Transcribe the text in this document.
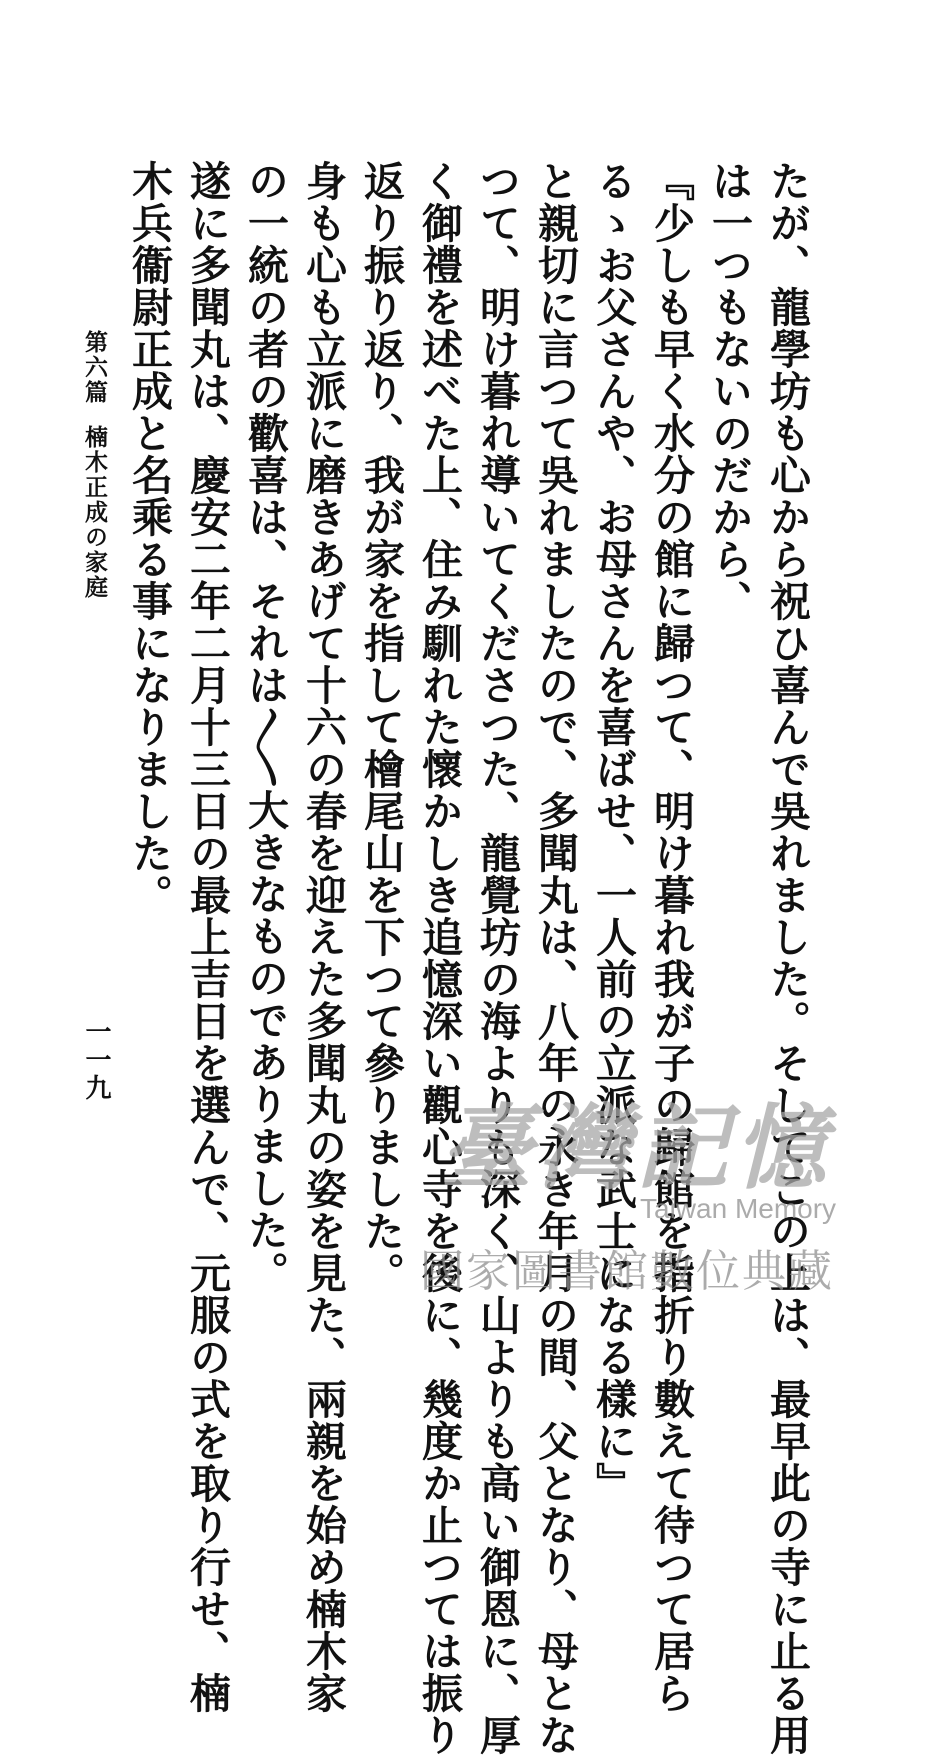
たが、龍學坊も心から祝ひ喜んで吳れました。そしてこの上は、最早此の寺に止る用

は一つもないのだから、

『少しも早く水分の館に歸つて、明け暮れ我が子の歸館を指折り數えて待つて居ら

るゝお父さんや、お母さんを喜ばせ、一人前の立派な武士になる樣に』

と親切に言つて吳れましたので、多聞丸は、八年の永き年月の間、父となり、母とな

つて、明け暮れ導いてくださつた、龍覺坊の海よりも深く、山よりも高い御恩に、厚

く御禮を述べた上、住み馴れた懷かしき追憶深い觀心寺を後に、幾度か止つては振り

返り振り返り、我が家を指して檜尾山を下つて參りました。

身も心も立派に磨きあげて十六の春を迎えた多聞丸の姿を見た、兩親を始め楠木家

の一統の者の歡喜は、それは〱大きなものでありました。

遂に多聞丸は、慶安二年二月十三日の最上吉日を選んで、元服の式を取り行せ、楠

木兵衞尉正成と名乘る事になりました。

第六篇楠木正成の家庭
一一九
臺灣記憶
Taiwan Memory
國家圖書館數位典藏
